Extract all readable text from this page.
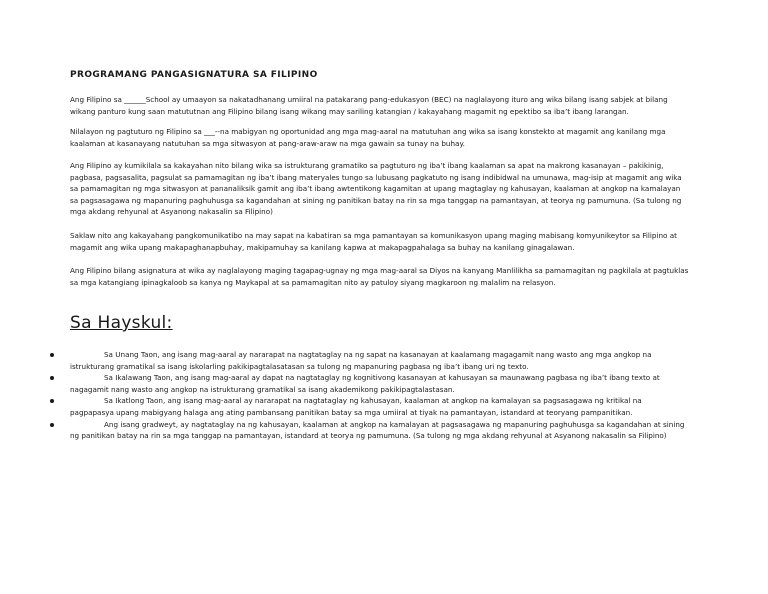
PROGRAMANG PANGASIGNATURA SA FILIPINO
Ang Filipino sa ______School ay umaayon sa nakatadhanang umiiral na patakarang pang-edukasyon (BEC) na naglalayong ituro ang wika bilang isang sabjek at bilang
wikang panturo kung saan matututnan ang Filipino bilang isang wikang may sariling katangian / kakayahang magamit ng epektibo sa iba’t ibang larangan.
Nilalayon ng pagtuturo ng Filipino sa ___--na mabigyan ng oportunidad ang mga mag-aaral na matutuhan ang wika sa isang konstekto at magamit ang kanilang mga
kaalaman at kasanayang natutuhan sa mga sitwasyon at pang-araw-araw na mga gawain sa tunay na buhay.
Ang Filipino ay kumikilala sa kakayahan nito bilang wika sa istrukturang gramatiko sa pagtuturo ng iba’t ibang kaalaman sa apat na makrong kasanayan – pakikinig,
pagbasa, pagsasalita, pagsulat sa pamamagitan ng iba’t ibang materyales tungo sa lubusang pagkatuto ng isang indibidwal na umunawa, mag-isip at magamit ang wika
sa pamamagitan ng mga sitwasyon at pananaliksik gamit ang iba’t ibang awtentikong kagamitan at upang magtaglay ng kahusayan, kaalaman at angkop na kamalayan
sa pagsasagawa ng mapanuring paghuhusga sa kagandahan at sining ng panitikan batay na rin sa mga tanggap na pamantayan, at teorya ng pamumuna. (Sa tulong ng
mga akdang rehyunal at Asyanong nakasalin sa Filipino)
Saklaw nito ang kakayahang pangkomunikatibo na may sapat na kabatiran sa mga pamantayan sa komunikasyon upang maging mabisang komyunikeytor sa Filipino at
magamit ang wika upang makapaghanapbuhay, makipamuhay sa kanilang kapwa at makapagpahalaga sa buhay na kanilang ginagalawan.
Ang Filipino bilang asignatura at wika ay naglalayong maging tagapag-ugnay ng mga mag-aaral sa Diyos na kanyang Manlilikha sa pamamagitan ng pagkilala at pagtuklas
sa mga katangiang ipinagkaloob sa kanya ng Maykapal at sa pamamagitan nito ay patuloy siyang magkaroon ng malalim na relasyon.
Sa Hayskul:
Sa Unang Taon, ang isang mag-aaral ay nararapat na nagtataglay na ng sapat na kasanayan at kaalamang magagamit nang wasto ang mga angkop na
istrukturang gramatikal sa isang iskolarling pakikipagtalasatasan sa tulong ng mapanuring pagbasa ng iba’t ibang uri ng texto.
Sa Ikalawang Taon, ang isang mag-aaral ay dapat na nagtataglay ng kognitivong kasanayan at kahusayan sa maunawang pagbasa ng iba’t ibang texto at
nagagamit nang wasto ang angkop na istrukturang gramatikal sa isang akademikong pakikipagtalastasan.
Sa Ikatlong Taon, ang isang mag-aaral ay nararapat na nagtataglay ng kahusayan, kaalaman at angkop na kamalayan sa pagsasagawa ng kritikal na
pagpapasya upang mabigyang halaga ang ating pambansang panitikan batay sa mga umiiral at tiyak na pamantayan, istandard at teoryang pampanitikan.
Ang isang gradweyt, ay nagtataglay na ng kahusayan, kaalaman at angkop na kamalayan at pagsasagawa ng mapanuring paghuhusga sa kagandahan at sining
ng panitikan batay na rin sa mga tanggap na pamantayan, istandard at teorya ng pamumuna. (Sa tulong ng mga akdang rehyunal at Asyanong nakasalin sa Filipino)
